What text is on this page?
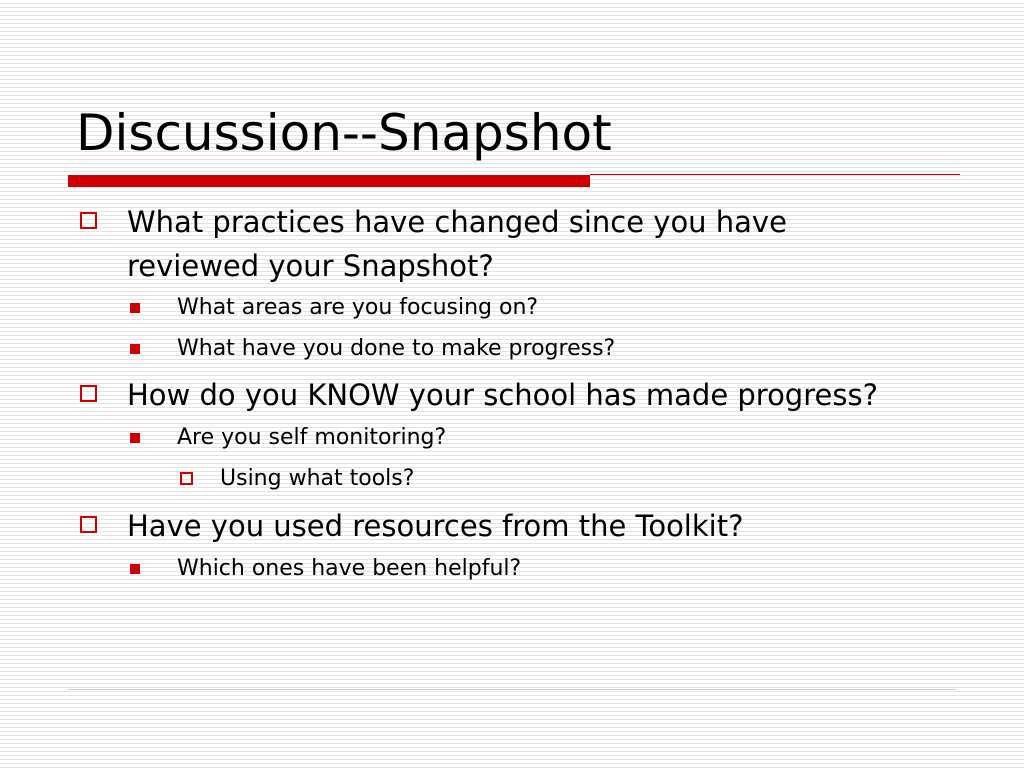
Discussion--Snapshot
What practices have changed since you have
reviewed your Snapshot?
What areas are you focusing on?
What have you done to make progress?
How do you KNOW your school has made progress?
Are you self monitoring?
Using what tools?
Have you used resources from the Toolkit?
Which ones have been helpful?
